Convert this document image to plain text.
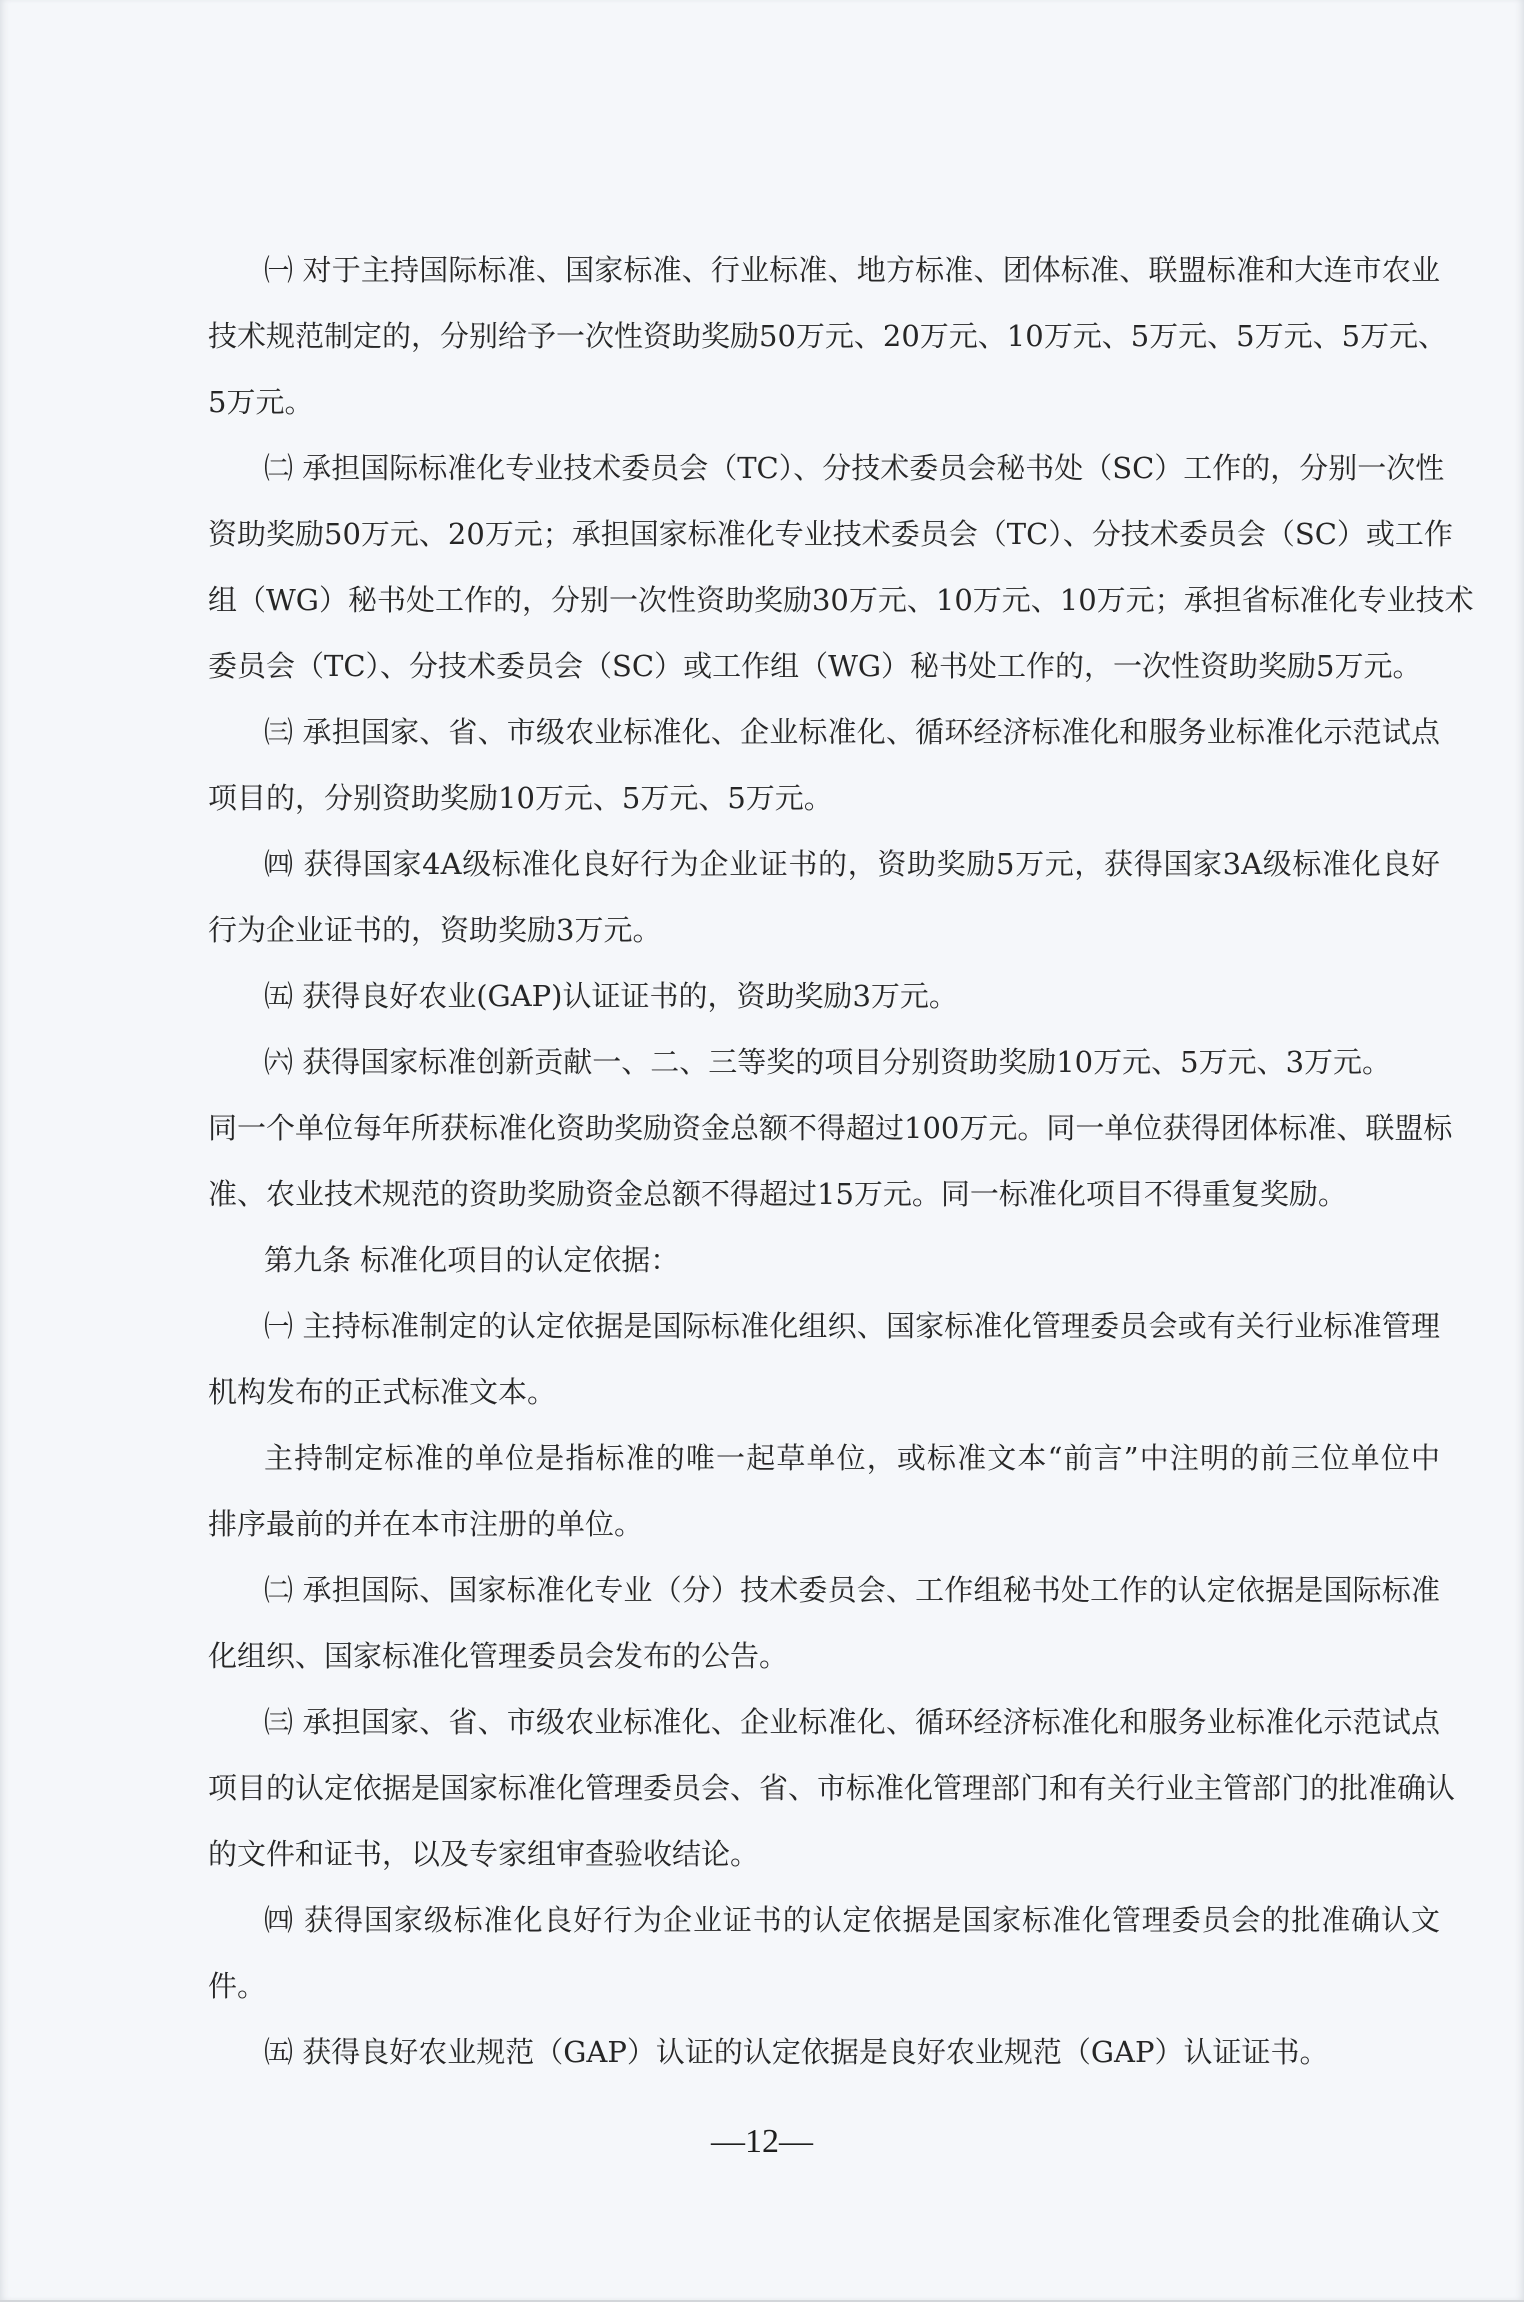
㈠ 对于主持国际标准、国家标准、行业标准、地方标准、团体标准、联盟标准和大连市农业
技术规范制定的，分别给予一次性资助奖励50万元、20万元、10万元、5万元、5万元、5万元、
5万元。
㈡ 承担国际标准化专业技术委员会（TC）、分技术委员会秘书处（SC）工作的，分别一次性
资助奖励50万元、20万元；承担国家标准化专业技术委员会（TC）、分技术委员会（SC）或工作
组（WG）秘书处工作的，分别一次性资助奖励30万元、10万元、10万元；承担省标准化专业技术
委员会（TC）、分技术委员会（SC）或工作组（WG）秘书处工作的，一次性资助奖励5万元。
㈢ 承担国家、省、市级农业标准化、企业标准化、循环经济标准化和服务业标准化示范试点
项目的，分别资助奖励10万元、5万元、5万元。
㈣ 获得国家4A级标准化良好行为企业证书的，资助奖励5万元，获得国家3A级标准化良好
行为企业证书的，资助奖励3万元。
㈤ 获得良好农业(GAP)认证证书的，资助奖励3万元。
㈥ 获得国家标准创新贡献一、二、三等奖的项目分别资助奖励10万元、5万元、3万元。
同一个单位每年所获标准化资助奖励资金总额不得超过100万元。同一单位获得团体标准、联盟标
准、农业技术规范的资助奖励资金总额不得超过15万元。同一标准化项目不得重复奖励。
第九条 标准化项目的认定依据：
㈠ 主持标准制定的认定依据是国际标准化组织、国家标准化管理委员会或有关行业标准管理
机构发布的正式标准文本。
主持制定标准的单位是指标准的唯一起草单位，或标准文本“前言”中注明的前三位单位中
排序最前的并在本市注册的单位。
㈡ 承担国际、国家标准化专业（分）技术委员会、工作组秘书处工作的认定依据是国际标准
化组织、国家标准化管理委员会发布的公告。
㈢ 承担国家、省、市级农业标准化、企业标准化、循环经济标准化和服务业标准化示范试点
项目的认定依据是国家标准化管理委员会、省、市标准化管理部门和有关行业主管部门的批准确认
的文件和证书，以及专家组审查验收结论。
㈣ 获得国家级标准化良好行为企业证书的认定依据是国家标准化管理委员会的批准确认文
件。
㈤ 获得良好农业规范（GAP）认证的认定依据是良好农业规范（GAP）认证证书。
—12—
